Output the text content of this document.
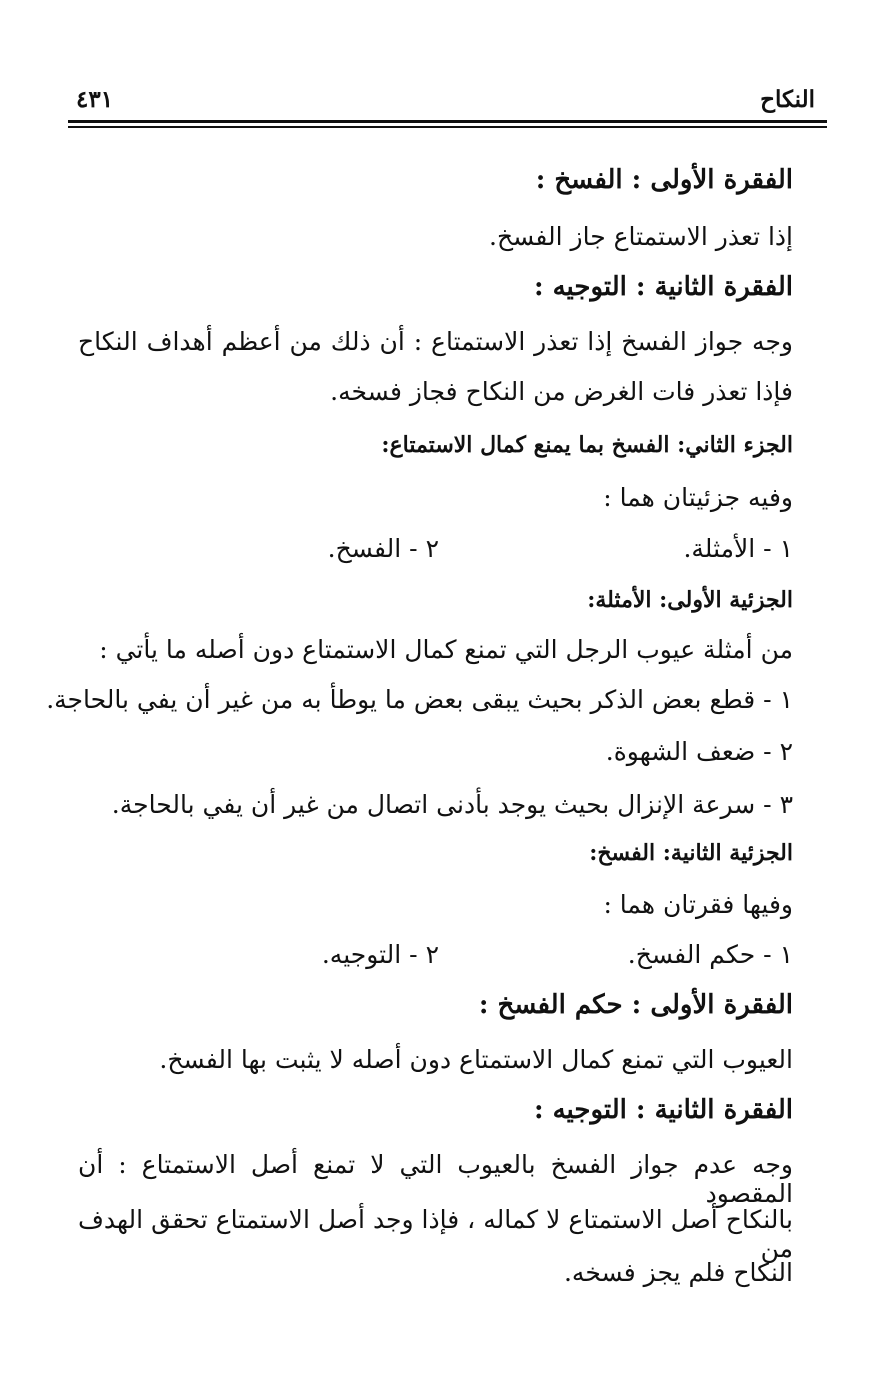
النكاح
٤٣١
الفقرة الأولى : الفسخ :
إذا تعذر الاستمتاع جاز الفسخ.
الفقرة الثانية : التوجيه :
وجه جواز الفسخ إذا تعذر الاستمتاع : أن ذلك من أعظم أهداف النكاح
فإذا تعذر فات الغرض من النكاح فجاز فسخه.
الجزء الثاني: الفسخ بما يمنع كمال الاستمتاع:
وفيه جزئيتان هما :
١ - الأمثلة.
٢ - الفسخ.
الجزئية الأولى: الأمثلة:
من أمثلة عيوب الرجل التي تمنع كمال الاستمتاع دون أصله ما يأتي :
١ - قطع بعض الذكر بحيث يبقى بعض ما يوطأ به من غير أن يفي بالحاجة.
٢ - ضعف الشهوة.
٣ - سرعة الإنزال بحيث يوجد بأدنى اتصال من غير أن يفي بالحاجة.
الجزئية الثانية: الفسخ:
وفيها فقرتان هما :
١ - حكم الفسخ.
٢ - التوجيه.
الفقرة الأولى : حكم الفسخ :
العيوب التي تمنع كمال الاستمتاع دون أصله لا يثبت بها الفسخ.
الفقرة الثانية : التوجيه :
وجه عدم جواز الفسخ بالعيوب التي لا تمنع أصل الاستمتاع : أن المقصود
بالنكاح أصل الاستمتاع لا كماله ، فإذا وجد أصل الاستمتاع تحقق الهدف من
النكاح فلم يجز فسخه.
